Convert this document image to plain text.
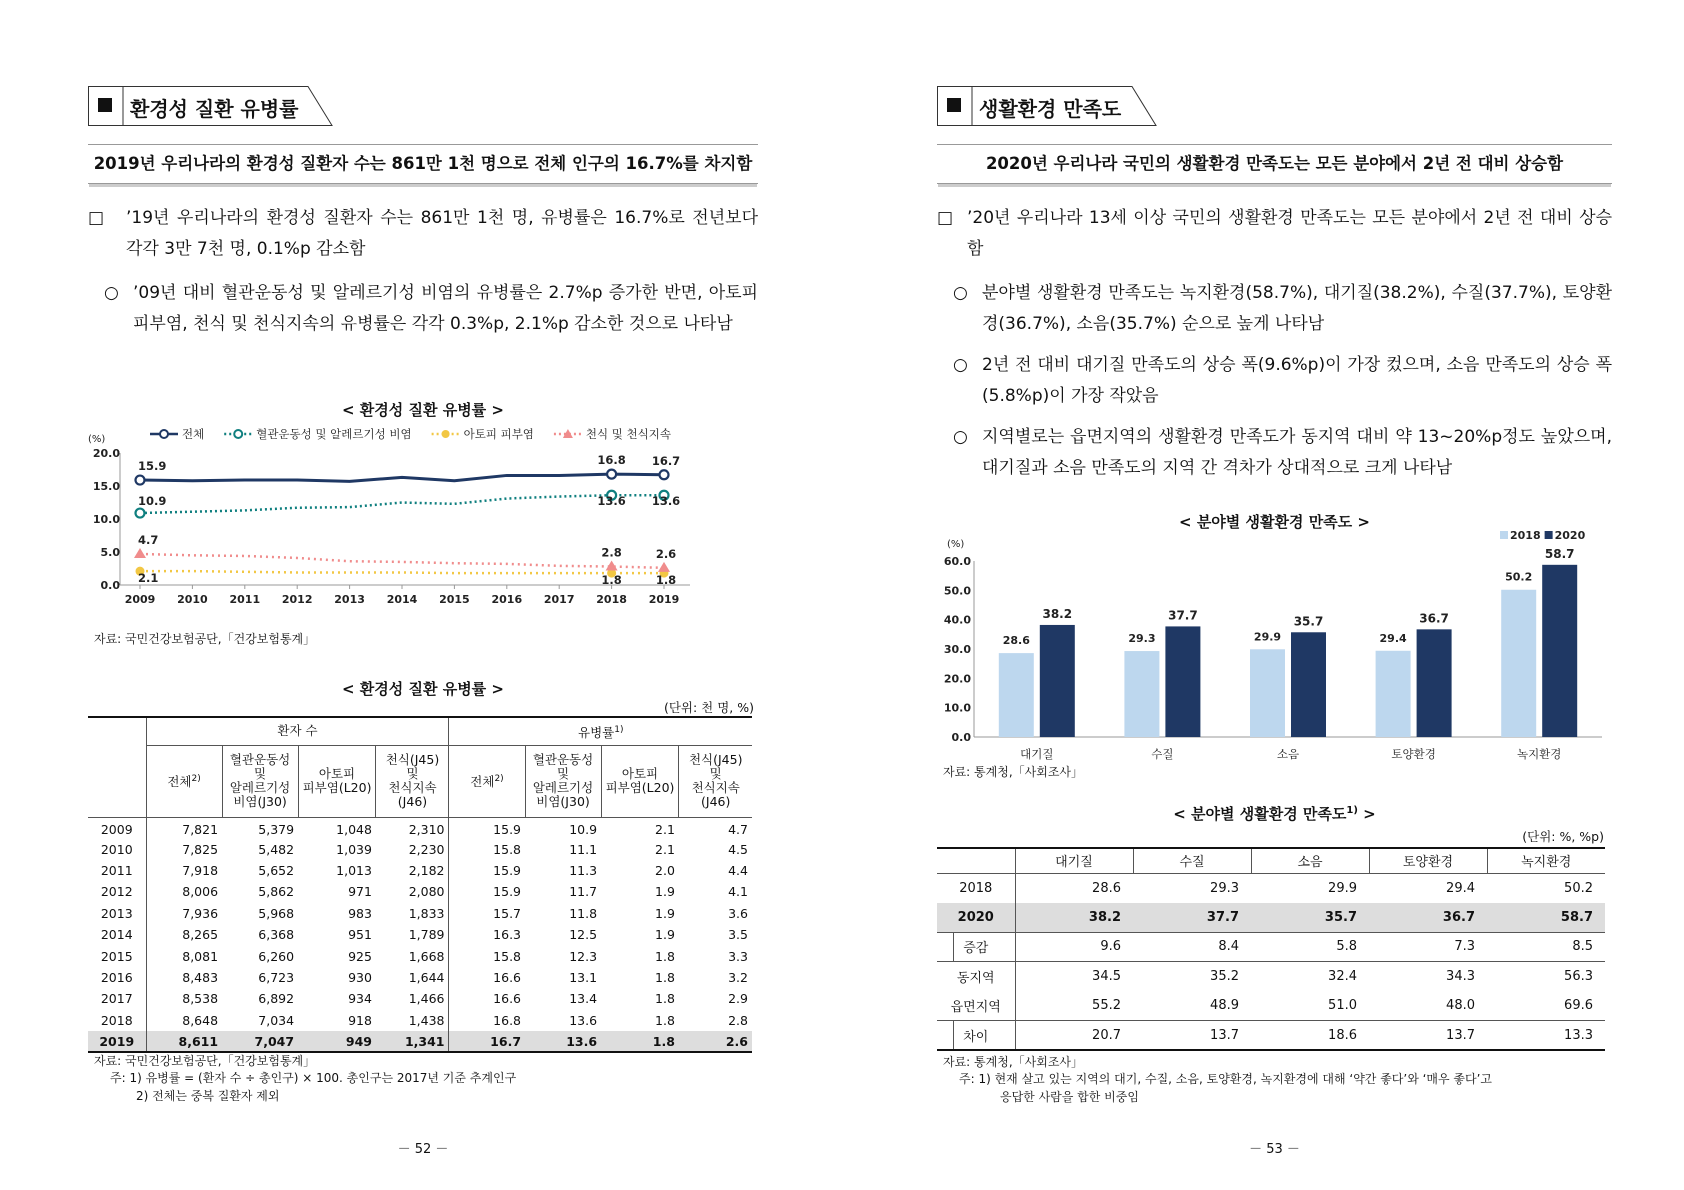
환경성 질환 유병률
2019년 우리나라의 환경성 질환자 수는 861만 1천 명으로 전체 인구의 16.7%를 차지함
□	’19년 우리나라의 환경성 질환자 수는 861만 1천 명, 유병률은 16.7%로 전년보다 각각 3만 7천 명, 0.1%p 감소함
○ ’09년 대비 혈관운동성 및 알레르기성 비염의 유병률은 2.7%p 증가한 반면, 아토피 피부염, 천식 및 천식지속의 유병률은 각각 0.3%p, 2.1%p 감소한 것으로 나타남
< 환경성 질환 유병률 >
전체	혈관운동성 및 알레르기성 비염	아토피 피부염	천식 및 천식지속
(%)
0.0
5.0
10.0
15.0
20.0
2009 2010 2011 2012 2013 2014 2015 2016 2017 2018 2019
15.9	16.8 16.7
10.9	13.6 13.6
2.1	1.8	1.8
4.7
2.8	2.6
자료: 국민건강보험공단,「건강보험통계」
< 환경성 질환 유병률 >
(단위: 천 명, %)
	환자 수				유병률$^{1)}$
	전체$^{2)}$	혈관운동성
및
알레르기성
비염(J30)	아토피
피부염(L20)	천식(J45)
및
천식지속
(J46)	전체$^{2)}$	혈관운동성
및
알레르기성
비염(J30)	아토피
피부염(L20)	천식(J45)
및
천식지속
(J46)
2009	7,821	5,379	1,048	2,310	15.9	10.9	2.1	4.7
2010	7,825	5,482	1,039	2,230	15.8	11.1	2.1	4.5
2011	7,918	5,652	1,013	2,182	15.9	11.3	2.0	4.4
2012	8,006	5,862	971	2,080	15.9	11.7	1.9	4.1
2013	7,936	5,968	983	1,833	15.7	11.8	1.9	3.6
2014	8,265	6,368	951	1,789	16.3	12.5	1.9	3.5
2015	8,081	6,260	925	1,668	15.8	12.3	1.8	3.3
2016	8,483	6,723	930	1,644	16.6	13.1	1.8	3.2
2017	8,538	6,892	934	1,466	16.6	13.4	1.8	2.9
2018	8,648	7,034	918	1,438	16.8	13.6	1.8	2.8
2019	8,611	7,047	949	1,341	16.7	13.6	1.8	2.6
자료: 국민건강보험공단,「건강보험통계」
주: 1) 유병률 = (환자 수 ÷ 총인구) × 100. 총인구는 2017년 기준 추계인구
2) 전체는 중복 질환자 제외
－ 52 －
생활환경 만족도
2020년 우리나라 국민의 생활환경 만족도는 모든 분야에서 2년 전 대비 상승함
□ ’20년 우리나라 13세 이상 국민의 생활환경 만족도는 모든 분야에서 2년 전 대비 상승함
○ 분야별 생활환경 만족도는 녹지환경(58.7%), 대기질(38.2%), 수질(37.7%), 토양환경(36.7%), 소음(35.7%) 순으로 높게 나타남
○ 2년 전 대비 대기질 만족도의 상승 폭(9.6%p)이 가장 컸으며, 소음 만족도의 상승 폭(5.8%p)이 가장 작았음
○ 지역별로는 읍면지역의 생활환경 만족도가 동지역 대비 약 13~20%p정도 높았으며, 대기질과 소음 만족도의 지역 간 격차가 상대적으로 크게 나타남
< 분야별 생활환경 만족도 >
(%)
2018 2020
0.0
10.0
20.0
30.0
40.0
50.0
60.0
대기질
28.6
38.2
수질
29.3
37.7
소음
29.9
35.7
토양환경
29.4
36.7
녹지환경
50.2
58.7
자료: 통계청,「사회조사」
< 분야별 생활환경 만족도$^{1)}$ >
(단위: %, %p)
	대기질	수질	소음	토양환경	녹지환경
2018	28.6	29.3	29.9	29.4	50.2
2020	38.2	37.7	35.7	36.7	58.7
증감	9.6	8.4	5.8	7.3	8.5
동지역	34.5	35.2	32.4	34.3	56.3
읍면지역	55.2	48.9	51.0	48.0	69.6
차이	20.7	13.7	18.6	13.7	13.3
자료: 통계청,「사회조사」
주: 1) 현재 살고 있는 지역의 대기, 수질, 소음, 토양환경, 녹지환경에 대해 ‘약간 좋다’와 ‘매우 좋다’고
응답한 사람을 합한 비중임
－ 53 －
